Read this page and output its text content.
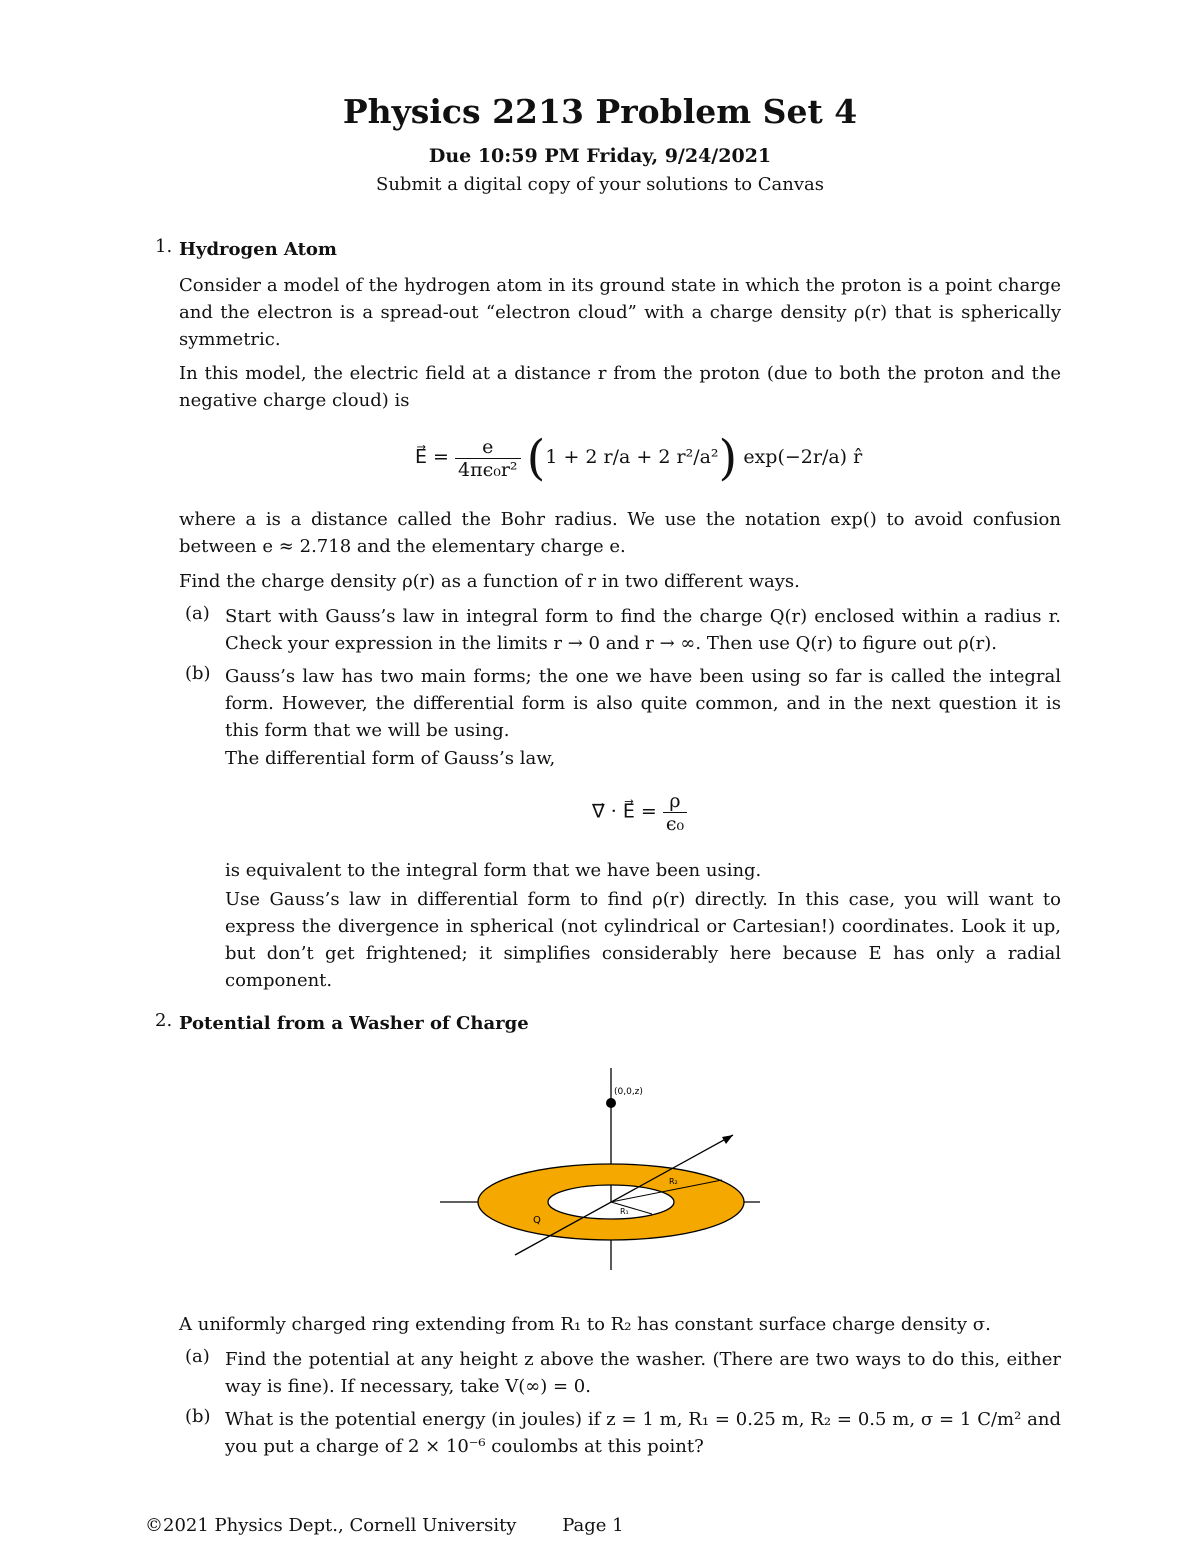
Physics 2213 Problem Set 4
Due 10:59 PM Friday, 9/24/2021
Submit a digital copy of your solutions to Canvas
1. Hydrogen Atom
Consider a model of the hydrogen atom in its ground state in which the proton is a point charge and the electron is a spread-out “electron cloud” with a charge density ρ(r) that is spherically symmetric.
In this model, the electric field at a distance r from the proton (due to both the proton and the negative charge cloud) is
E⃗ = $\frac{e}{\text{4πϵ₀r²}} (1 + 2$ r/a + 2 r²/a²) exp(−2r/a) r̂
where a is a distance called the Bohr radius. We use the notation exp() to avoid confusion between e ≈ 2.718 and the elementary charge e.
Find the charge density ρ(r) as a function of r in two different ways.
(a) Start with Gauss’s law in integral form to find the charge Q(r) enclosed within a radius r. Check your expression in the limits r → 0 and r → ∞. Then use Q(r) to figure out ρ(r).
(b) Gauss’s law has two main forms; the one we have been using so far is called the integral form. However, the differential form is also quite common, and in the next question it is this form that we will be using.
The differential form of Gauss’s law,
∇⃗ · E⃗ = $\frac{\rho}{\text{ϵ₀}}$
is equivalent to the integral form that we have been using.
Use Gauss’s law in differential form to find ρ(r) directly. In this case, you will want to express the divergence in spherical (not cylindrical or Cartesian!) coordinates. Look it up, but don’t get frightened; it simplifies considerably here because E has only a radial component.
2. Potential from a Washer of Charge
(0,0,z)
Q
R₂
R₁
A uniformly charged ring extending from R₁ to R₂ has constant surface charge density σ.
(a) Find the potential at any height z above the washer. (There are two ways to do this, either way is fine). If necessary, take V(∞) = 0.
(b) What is the potential energy (in joules) if z = 1 m, R₁ = 0.25 m, R₂ = 0.5 m, σ = 1 C/m² and you put a charge of 2 × 10⁻⁶ coulombs at this point?
©2021 Physics Dept., Cornell University	Page 1
